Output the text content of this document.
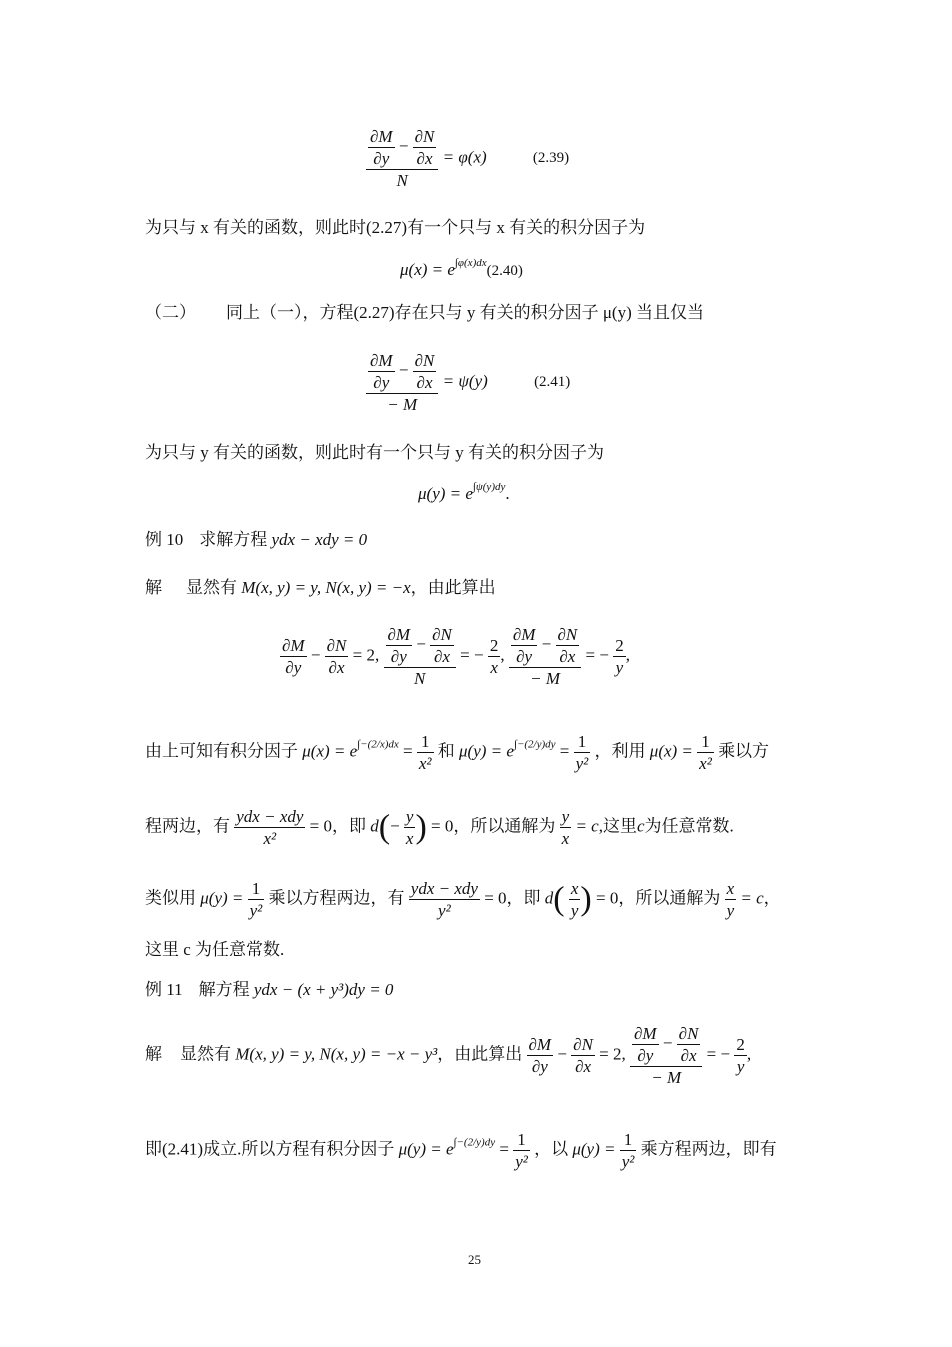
$\frac{\frac{\partial M}{\partial y} - \frac{\partial N}{\partial x}}{N} = \varphi(x)$	(2.39)
为只与 x 有关的函数，则此时(2.27)有一个只与 x 有关的积分因子为
$\mu(x) = e^{\int\varphi(x)dx}(2.40)$
（二） 同上（一），方程(2.27)存在只与 y 有关的积分因子 μ(y) 当且仅当
$\frac{\frac{\partial M}{\partial y} - \frac{\partial N}{\partial x}}{- M} = \psi(y)$	(2.41)
为只与 y 有关的函数，则此时有一个只与 y 有关的积分因子为
$\mu(y) = e^{\int\psi(y)dy}$.
例 10 求解方程 ydx − xdy = 0
解 显然有 M(x, y) = y, N(x, y) = −x，由此算出
$\frac{\partial M}{\partial y} - \frac{\partial N}{\partial x} = 2$, $\frac{\frac{\partial M}{\partial y} - \frac{\partial N}{\partial x}}{N}$ = − $\frac{2}{x}$ , $\frac{\frac{\partial M}{\partial y} - \frac{\partial N}{\partial x}}{- M}$ = − $\frac{2}{y}$ ,
由上可知有积分因子 $\mu(x) = e^{\int-(2/x)dx} = \frac{1}{\text{x²}}$ 和 $\mu(y) = e^{\int-(2/y)dy} = \frac{1}{\text{y²}}$ ，利用 $\mu(x) = \frac{1}{\text{x²}}$ 乘以方
程两边，有 $\frac{\text{ydx − xdy}}{\text{x²}} = 0$，即 $d(- \frac{y}{x}$ ) = 0，所以通解为 $\frac{y}{x} = c$,这里c为任意常数.
类似用 $\mu(y) = \frac{1}{\text{y²}}$ 乘以方程两边，有 $\frac{\text{ydx − xdy}}{\text{y²}} = 0$，即 $d( \frac{x}{y}$ ) = 0，所以通解为 $\frac{x}{y} = c$，
这里 c 为任意常数.
例 11 解方程 ydx − (x + y³)dy = 0
解 显然有 M(x, y) = y, N(x, y) = −x − y³，由此算出 $\frac{\partial M}{\partial y} - \frac{\partial N}{\partial x} = 2$, $\frac{\frac{\partial M}{\partial y} - \frac{\partial N}{\partial x}}{- M}$ = − $\frac{2}{y}$ ,
即(2.41)成立.所以方程有积分因子 $\mu(y) = e^{\int-(2/y)dy} = \frac{1}{\text{y²}}$ ，以 $\mu(y) = \frac{1}{\text{y²}}$ 乘方程两边，即有
25
